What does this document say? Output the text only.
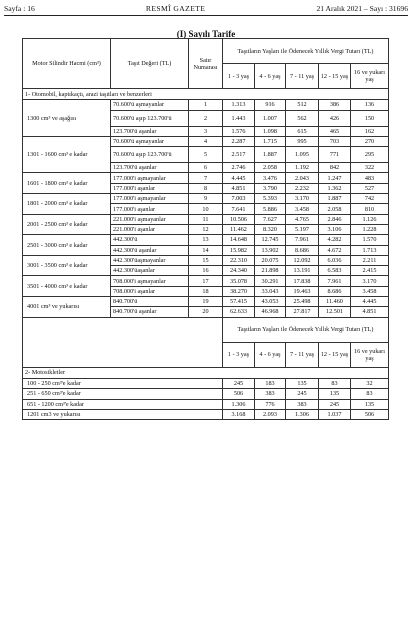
Sayfa : 16	RESMÎ GAZETE	21 Aralık 2021 – Sayı : 31696
(I) Sayılı Tarife
Motor Silindir Hacmi (cm³)	Taşıt Değeri (TL)	Satır Numarası	Taşıtların Yaşları ile Ödenecek Yıllık Vergi Tutarı (TL)				
			1 - 3 yaş	4 - 6 yaş	7 - 11 yaş	12 - 15 yaş	16 ve yukarı yaş
1- Otomobil, kaptıkaçtı, arazi taşıtları ve benzerleri							
1300 cm³ ve aşağısı	70.600'ü aşmayanlar	1	1.313	916	512	386	136
	70.600'ü aşıp 123.700'ü	2	1.443	1.007	562	426	150
	123.700'ü aşanlar	3	1.576	1.098	615	465	162
1301 - 1600 cm³ e kadar	70.600'ü aşmayanlar	4	2.287	1.715	995	703	270
	70.600'ü aşıp 123.700'ü	5	2.517	1.887	1.095	771	295
	123.700'ü aşanlar	6	2.746	2.058	1.192	842	322
1601 - 1800 cm³ e kadar	177.000'i aşmayanlar	7	4.445	3.476	2.043	1.247	483
	177.000'i aşanlar	8	4.851	3.790	2.232	1.362	527
1801 - 2000 cm³ e kadar	177.000'i aşmayanlar	9	7.003	5.393	3.170	1.887	742
	177.000'i aşanlar	10	7.641	5.886	3.458	2.058	810
2001 - 2500 cm³ e kadar	221.000'i aşmayanlar	11	10.506	7.627	4.765	2.846	1.126
	221.000'i aşanlar	12	11.462	8.320	5.197	3.106	1.228
2501 - 3000 cm³ e kadar	442.300'ü	13	14.648	12.745	7.961	4.282	1.570
	442.300'ü aşanlar	14	15.982	13.902	8.686	4.672	1.713
3001 - 3500 cm³ e kadar	442.300'üaşmayanlar	15	22.310	20.075	12.092	6.036	2.211
	442.300'üaşanlar	16	24.340	21.898	13.191	6.583	2.415
3501 - 4000 cm³ e kadar	708.000'i aşmayanlar	17	35.078	30.291	17.838	7.961	3.170
	708.000'i aşanlar	18	38.270	33.043	19.463	8.686	3.458
4001 cm³ ve yukarısı	840.700'ü	19	57.415	43.053	25.498	11.460	4.445
	840.700'ü aşanlar	20	62.633	46.968	27.817	12.501	4.851
			Taşıtların Yaşları ile Ödenecek Yıllık Vergi Tutarı (TL)				
			1 - 3 yaş	4 - 6 yaş	7 - 11 yaş	12 - 15 yaş	16 ve yukarı yaş
2- Motosikletler							
100 - 250 cm³'e kadar			245	183	135	83	32
251 - 650 cm³'e kadar			506	383	245	135	83
651 - 1200 cm³'e kadar			1.306	776	383	245	135
1201 cm3 ve yukarısı			3.168	2.093	1.306	1.037	506
